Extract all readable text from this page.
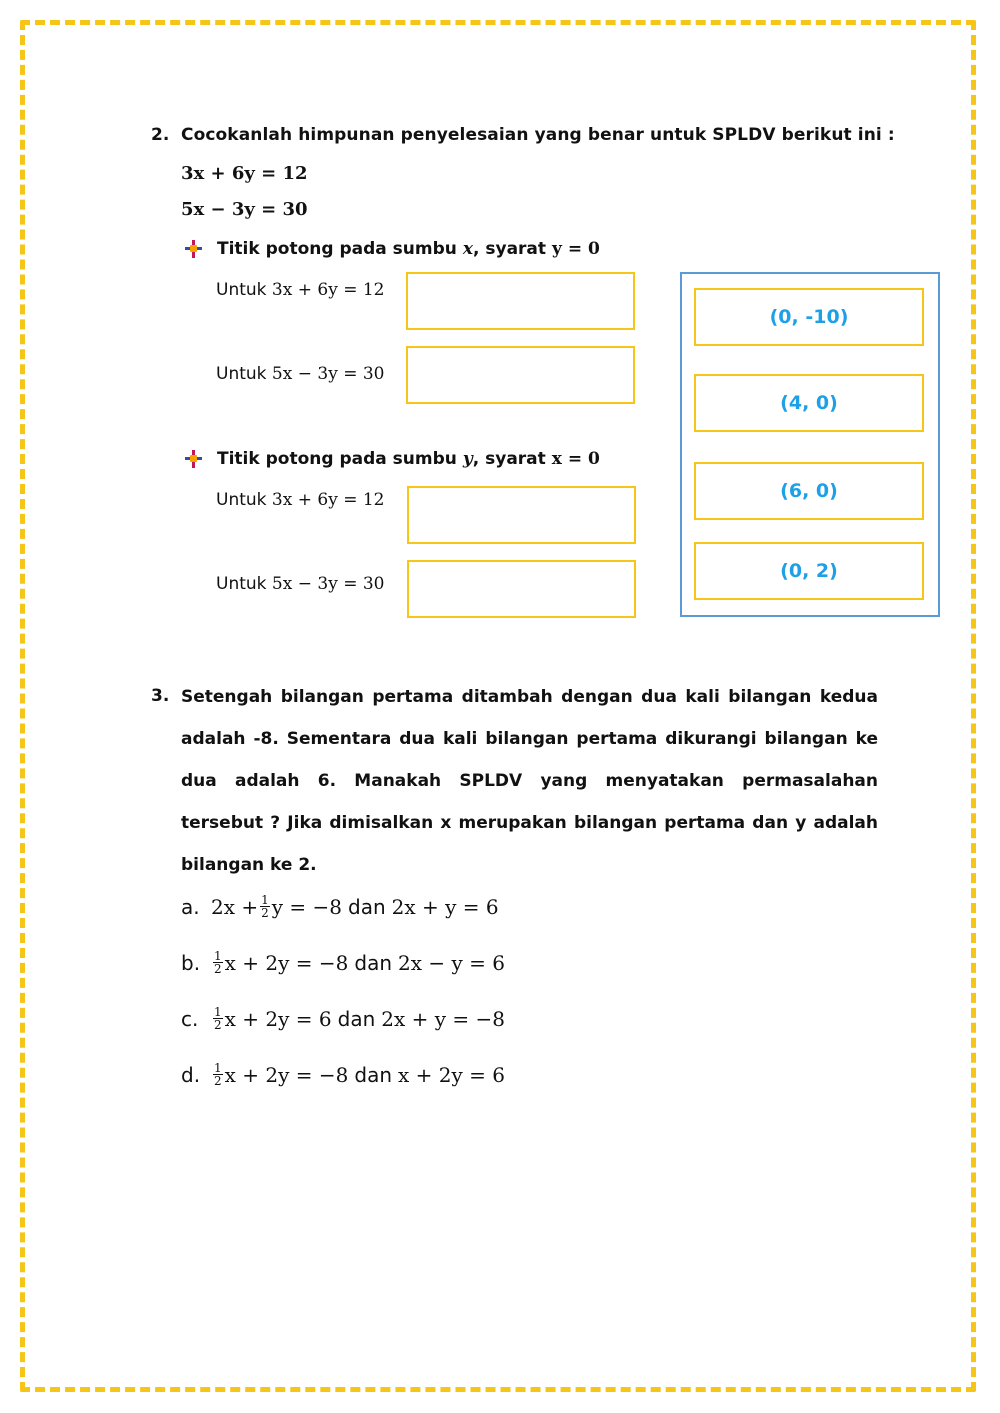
2. Cocokanlah himpunan penyelesaian yang benar untuk SPLDV berikut ini :
3x + 6y = 12
5x − 3y = 30
Titik potong pada sumbu x , syarat y = 0
Untuk 3x + 6y = 12
Untuk 5x − 3y = 30
Titik potong pada sumbu y , syarat x = 0
Untuk 3x + 6y = 12
Untuk 5x − 3y = 30
(0, -10)
(4, 0)
(6, 0)
(0, 2)
3. Setengah bilangan pertama ditambah dengan dua kali bilangan kedua adalah -8. Sementara dua kali bilangan pertama dikurangi bilangan ke dua adalah 6. Manakah SPLDV yang menyatakan permasalahan tersebut ? Jika dimisalkan x merupakan bilangan pertama dan y adalah bilangan ke 2.
a. $2x + \frac{1}{2}$ y = −8 dan 2x + y = 6
b.	$\frac{1}{2}$ x + 2y = −8 dan 2x − y = 6
c.	$\frac{1}{2}$ x + 2y = 6 dan 2x + y = −8
d.	$\frac{1}{2}$ x + 2y = −8 dan x + 2y = 6
